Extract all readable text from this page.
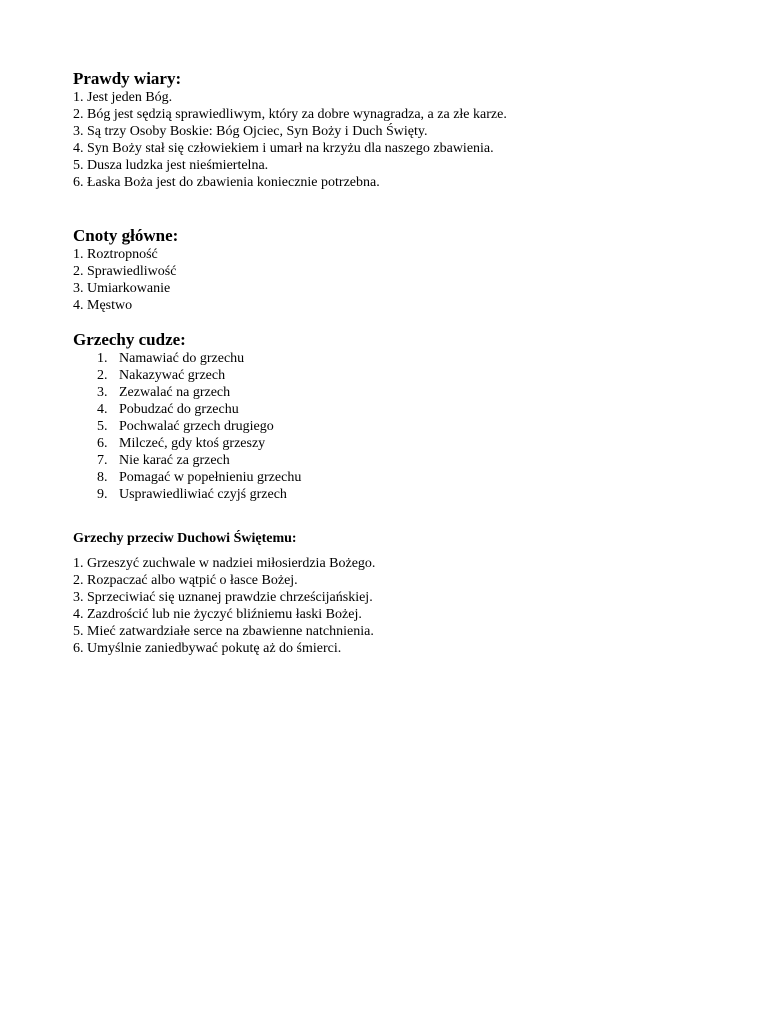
Prawdy wiary:
1. Jest jeden Bóg.
2. Bóg jest sędzią sprawiedliwym, który za dobre wynagradza, a za złe karze.
3. Są trzy Osoby Boskie: Bóg Ojciec, Syn Boży i Duch Święty.
4. Syn Boży stał się człowiekiem i umarł na krzyżu dla naszego zbawienia.
5. Dusza ludzka jest nieśmiertelna.
6. Łaska Boża jest do zbawienia koniecznie potrzebna.
Cnoty główne:
1. Roztropność
2. Sprawiedliwość
3. Umiarkowanie
4. Męstwo
Grzechy cudze:
1. Namawiać do grzechu
2. Nakazywać grzech
3. Zezwalać na grzech
4. Pobudzać do grzechu
5. Pochwalać grzech drugiego
6. Milczeć, gdy ktoś grzeszy
7. Nie karać za grzech
8. Pomagać w popełnieniu grzechu
9. Usprawiedliwiać czyjś grzech
Grzechy przeciw Duchowi Świętemu:
1. Grzeszyć zuchwale w nadziei miłosierdzia Bożego.
2. Rozpaczać albo wątpić o łasce Bożej.
3. Sprzeciwiać się uznanej prawdzie chrześcijańskiej.
4. Zazdrościć lub nie życzyć bliźniemu łaski Bożej.
5. Mieć zatwardziałe serce na zbawienne natchnienia.
6. Umyślnie zaniedbywać pokutę aż do śmierci.
